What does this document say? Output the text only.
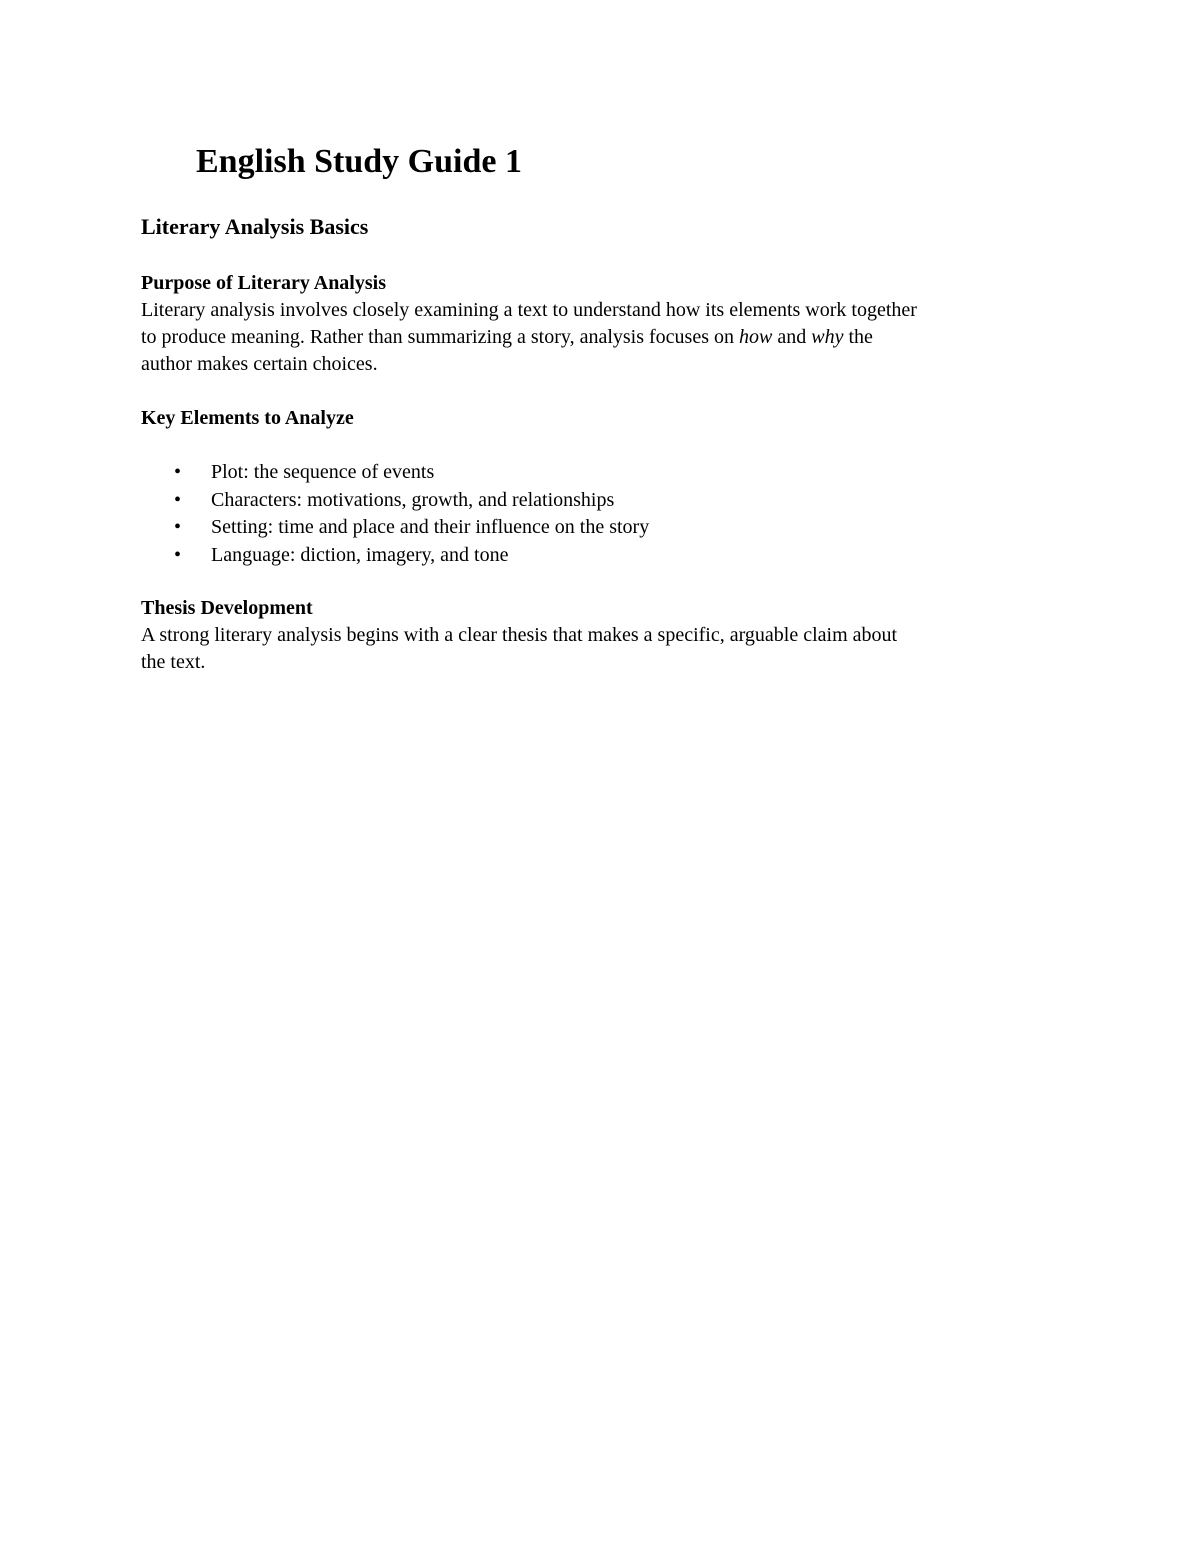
English Study Guide 1
Literary Analysis Basics
Purpose of Literary Analysis

Literary analysis involves closely examining a text to understand how its elements work together
to produce meaning. Rather than summarizing a story, analysis focuses on how and why the
author makes certain choices.

Key Elements to Analyze
• Plot: the sequence of events
• Characters: motivations, growth, and relationships
• Setting: time and place and their influence on the story
• Language: diction, imagery, and tone
Thesis Development

A strong literary analysis begins with a clear thesis that makes a specific, arguable claim about
the text.
